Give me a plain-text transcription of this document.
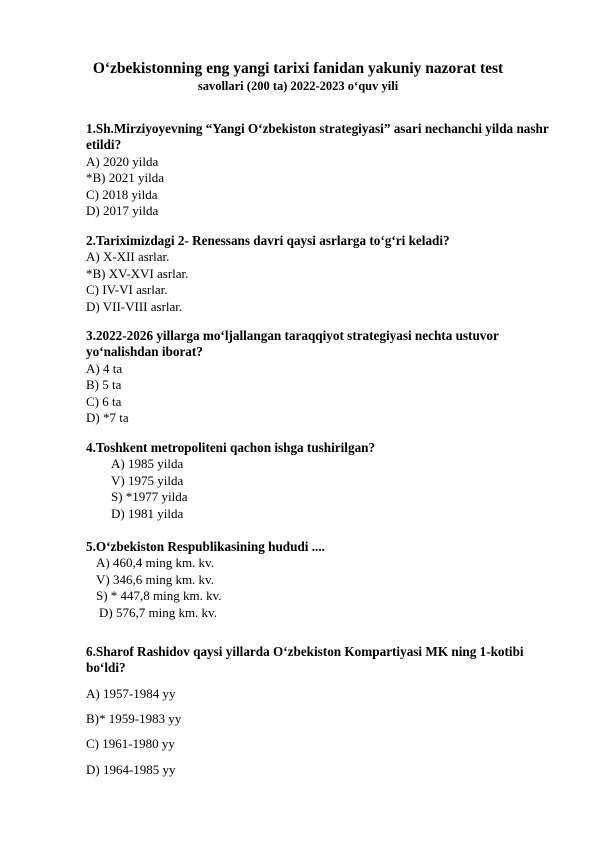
O‘zbekistonning eng yangi tarixi fanidan yakuniy nazorat test
savollari (200 ta) 2022-2023 o‘quv yili
1.Sh.Mirziyoyevning “Yangi O‘zbekiston strategiyasi” asari nechanchi yilda nashr etildi?
A) 2020 yilda
*B) 2021 yilda
C) 2018 yilda
D) 2017 yilda
2.Tariximizdagi 2- Renessans davri qaysi asrlarga to‘g‘ri keladi?
A) X-XII asrlar.
*B) XV-XVI asrlar.
C) IV-VI asrlar.
D) VII-VIII asrlar.
3.2022-2026 yillarga mo‘ljallangan taraqqiyot strategiyasi nechta ustuvor yo‘nalishdan iborat?
A) 4 ta
B) 5 ta
C) 6 ta
D) *7 ta
4.Toshkent metropoliteni qachon ishga tushirilgan?
A) 1985 yilda
V) 1975 yilda
S) *1977 yilda
D) 1981 yilda
5.O‘zbekiston Respublikasining hududi ....
A) 460,4 ming km. kv.
V) 346,6 ming km. kv.
S) * 447,8 ming km. kv.
D) 576,7 ming km. kv.
6.Sharof Rashidov qaysi yillarda O‘zbekiston Kompartiyasi MK ning 1-kotibi bo‘ldi?
A) 1957-1984 yy
B)* 1959-1983 yy
C) 1961-1980 yy
D) 1964-1985 yy
